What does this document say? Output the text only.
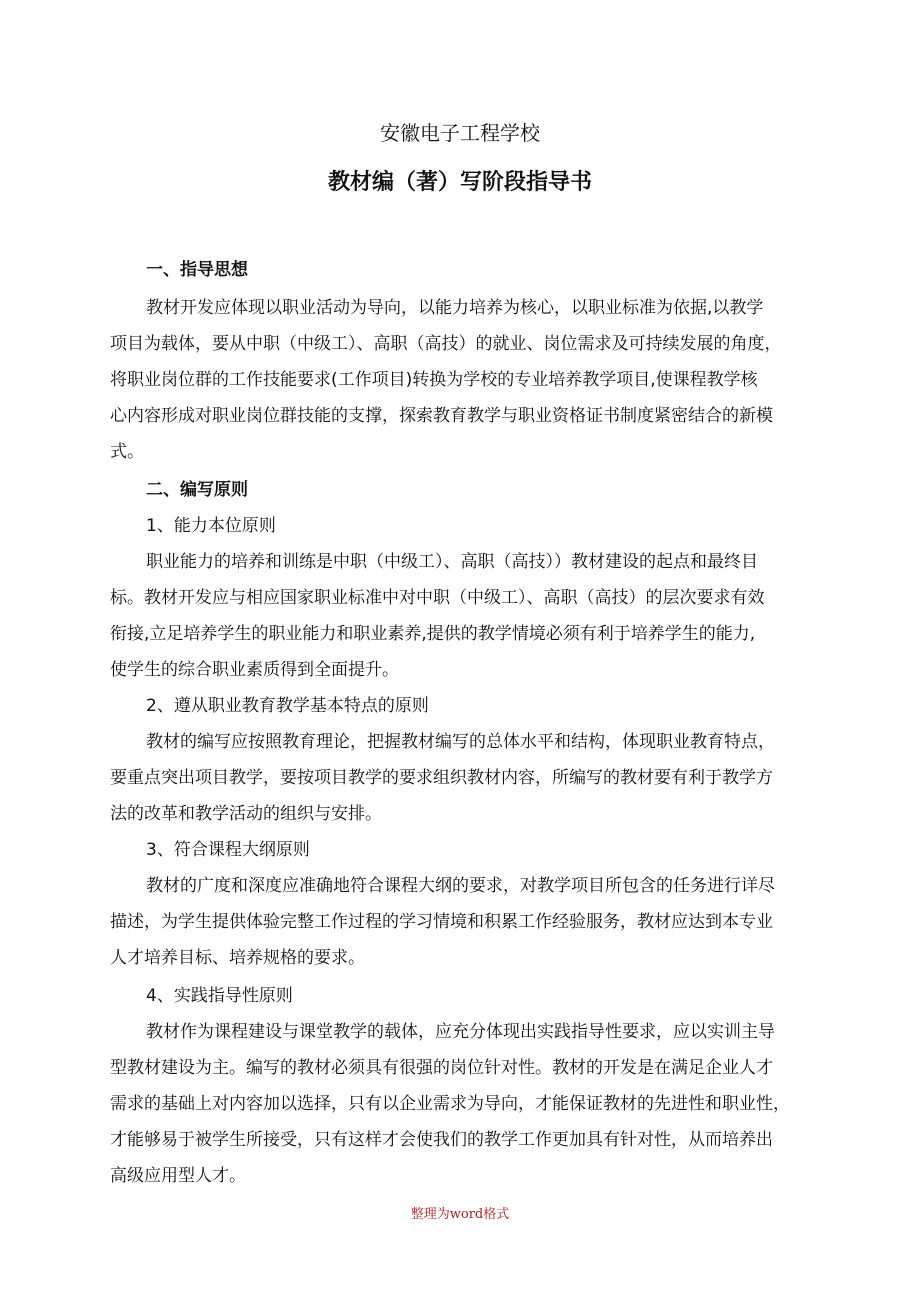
安徽电子工程学校
教材编（著）写阶段指导书
一、指导思想
教材开发应体现以职业活动为导向，以能力培养为核心，以职业标准为依据,以教学
项目为载体，要从中职（中级工）、高职（高技）的就业、岗位需求及可持续发展的角度，
将职业岗位群的工作技能要求(工作项目)转换为学校的专业培养教学项目,使课程教学核
心内容形成对职业岗位群技能的支撑，探索教育教学与职业资格证书制度紧密结合的新模
式。
二、编写原则
1、能力本位原则
职业能力的培养和训练是中职（中级工）、高职（高技））教材建设的起点和最终目
标。教材开发应与相应国家职业标准中对中职（中级工）、高职（高技）的层次要求有效
衔接,立足培养学生的职业能力和职业素养,提供的教学情境必须有利于培养学生的能力,
使学生的综合职业素质得到全面提升。
2、遵从职业教育教学基本特点的原则
教材的编写应按照教育理论，把握教材编写的总体水平和结构，体现职业教育特点，
要重点突出项目教学，要按项目教学的要求组织教材内容，所编写的教材要有利于教学方
法的改革和教学活动的组织与安排。
3、符合课程大纲原则
教材的广度和深度应准确地符合课程大纲的要求，对教学项目所包含的任务进行详尽
描述，为学生提供体验完整工作过程的学习情境和积累工作经验服务，教材应达到本专业
人才培养目标、培养规格的要求。
4、实践指导性原则
教材作为课程建设与课堂教学的载体，应充分体现出实践指导性要求，应以实训主导
型教材建设为主。编写的教材必须具有很强的岗位针对性。教材的开发是在满足企业人才
需求的基础上对内容加以选择，只有以企业需求为导向，才能保证教材的先进性和职业性，
才能够易于被学生所接受，只有这样才会使我们的教学工作更加具有针对性，从而培养出
高级应用型人才。
整理为word格式
